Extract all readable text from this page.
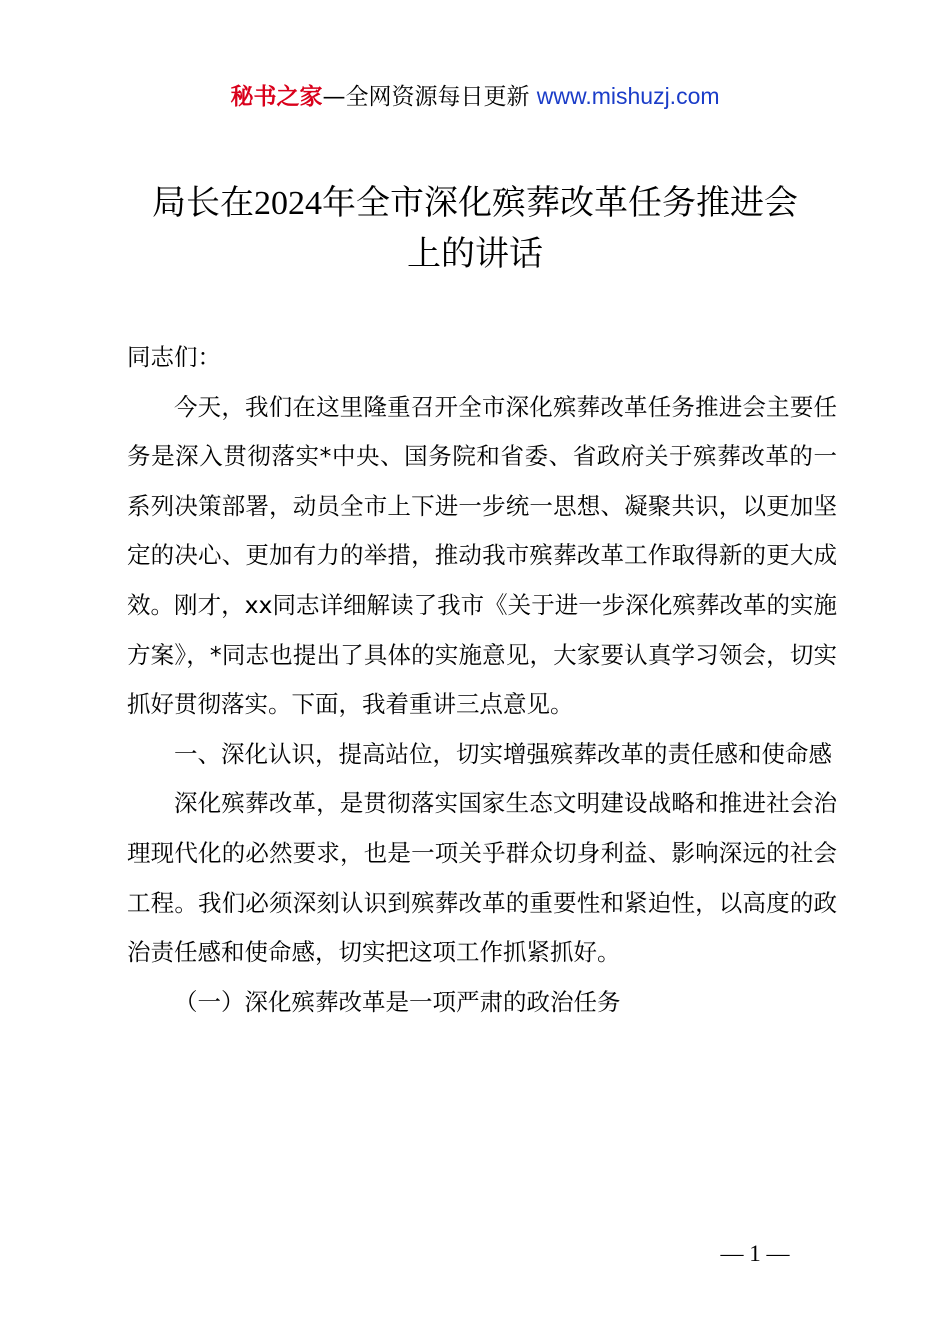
秘书之家—全网资源每日更新 www.mishuzj.com
局长在2024年全市深化殡葬改革任务推进会
上的讲话

同志们：

今天，我们在这里隆重召开全市深化殡葬改革任务推进会主要任务是深入贯彻落实*中央、国务院和省委、省政府关于殡葬改革的一系列决策部署，动员全市上下进一步统一思想、凝聚共识，以更加坚定的决心、更加有力的举措，推动我市殡葬改革工作取得新的更大成效。刚才，xx同志详细解读了我市《关于进一步深化殡葬改革的实施方案》，*同志也提出了具体的实施意见，大家要认真学习领会，切实抓好贯彻落实。下面，我着重讲三点意见。

一、深化认识，提高站位，切实增强殡葬改革的责任感和使命感

深化殡葬改革，是贯彻落实国家生态文明建设战略和推进社会治理现代化的必然要求，也是一项关乎群众切身利益、影响深远的社会工程。我们必须深刻认识到殡葬改革的重要性和紧迫性，以高度的政治责任感和使命感，切实把这项工作抓紧抓好。

（一）深化殡葬改革是一项严肃的政治任务

— 1 —
